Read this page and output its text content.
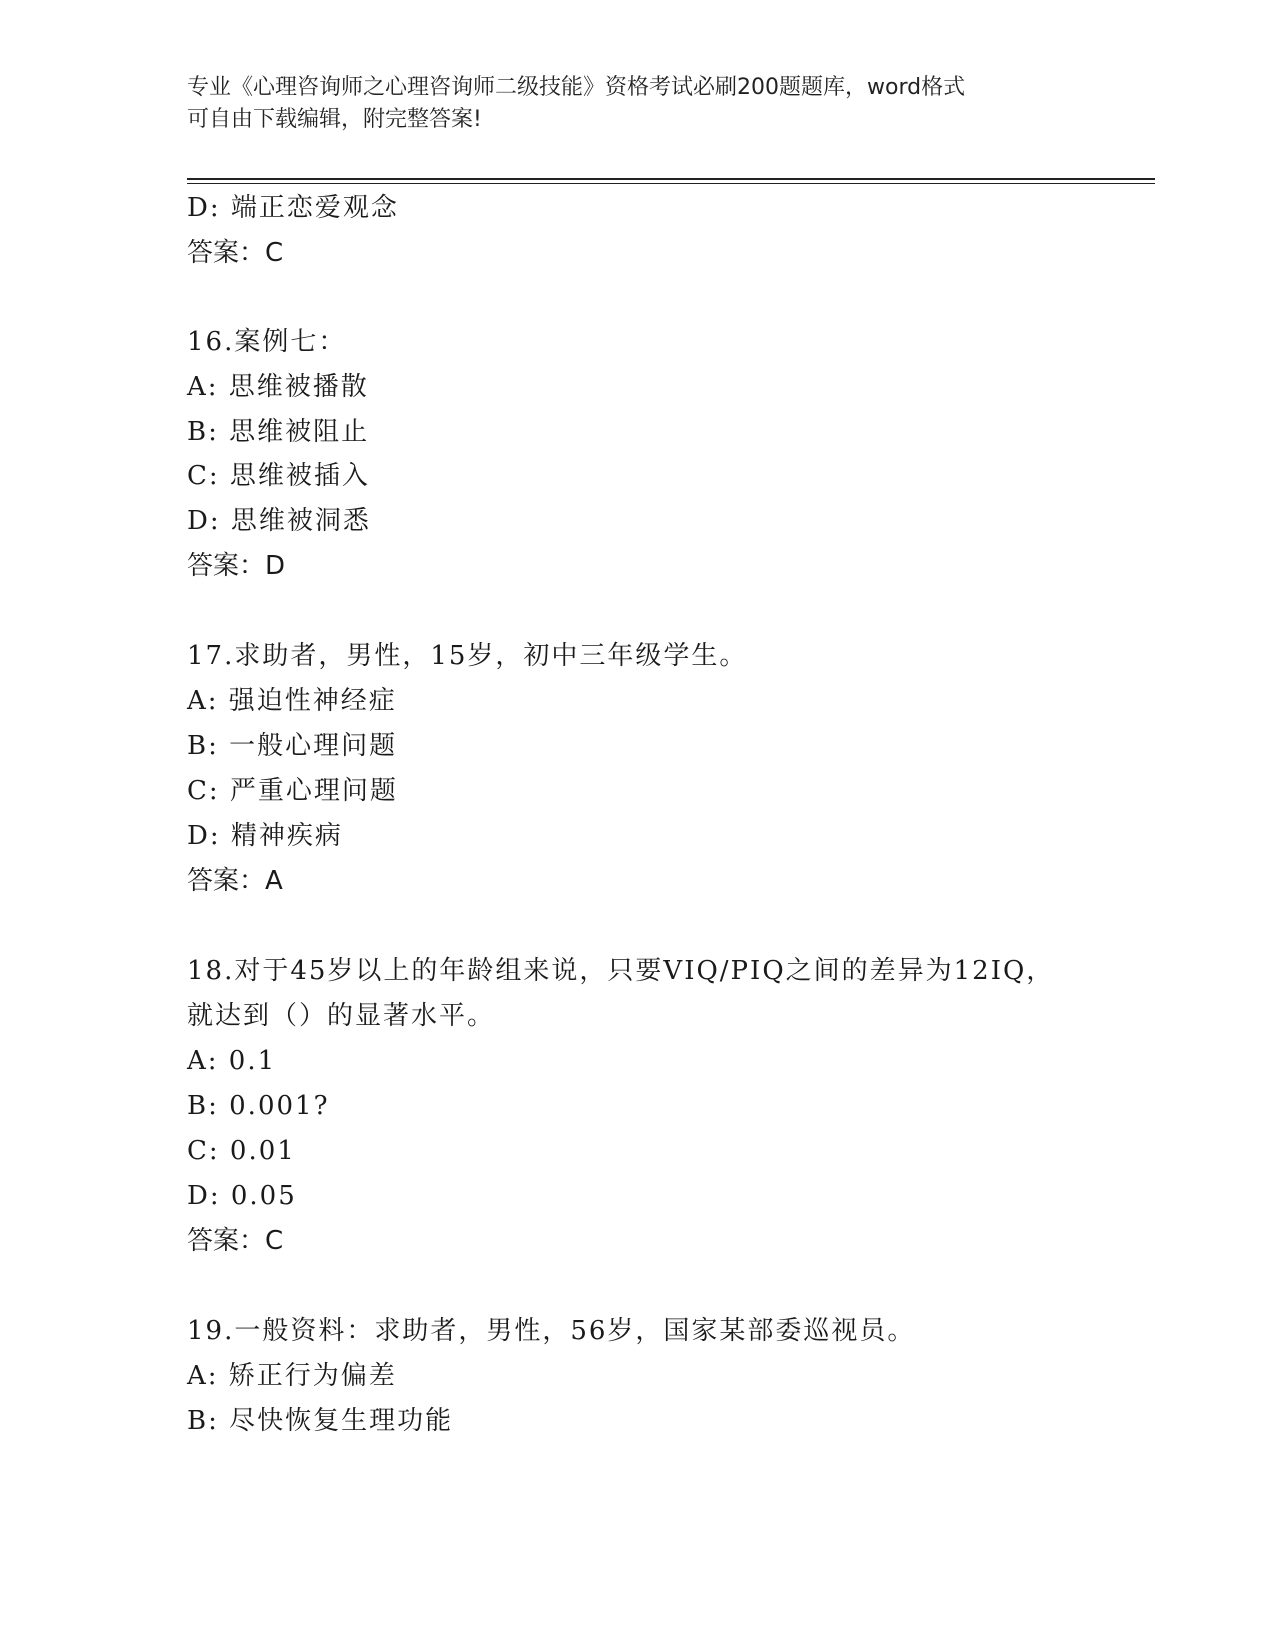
专业《心理咨询师之心理咨询师二级技能》资格考试必刷200题题库，word格式
可自由下载编辑，附完整答案!
D: 端正恋爱观念
答案：C
16.案例七：
A: 思维被播散
B: 思维被阻止
C: 思维被插入
D: 思维被洞悉
答案：D
17.求助者，男性，15岁，初中三年级学生。
A: 强迫性神经症
B: 一般心理问题
C: 严重心理问题
D: 精神疾病
答案：A
18.对于45岁以上的年龄组来说，只要VIQ/PIQ之间的差异为12IQ，
就达到（）的显著水平。
A: 0.1
B: 0.001?
C: 0.01
D: 0.05
答案：C
19.一般资料：求助者，男性，56岁，国家某部委巡视员。
A: 矫正行为偏差
B: 尽快恢复生理功能
